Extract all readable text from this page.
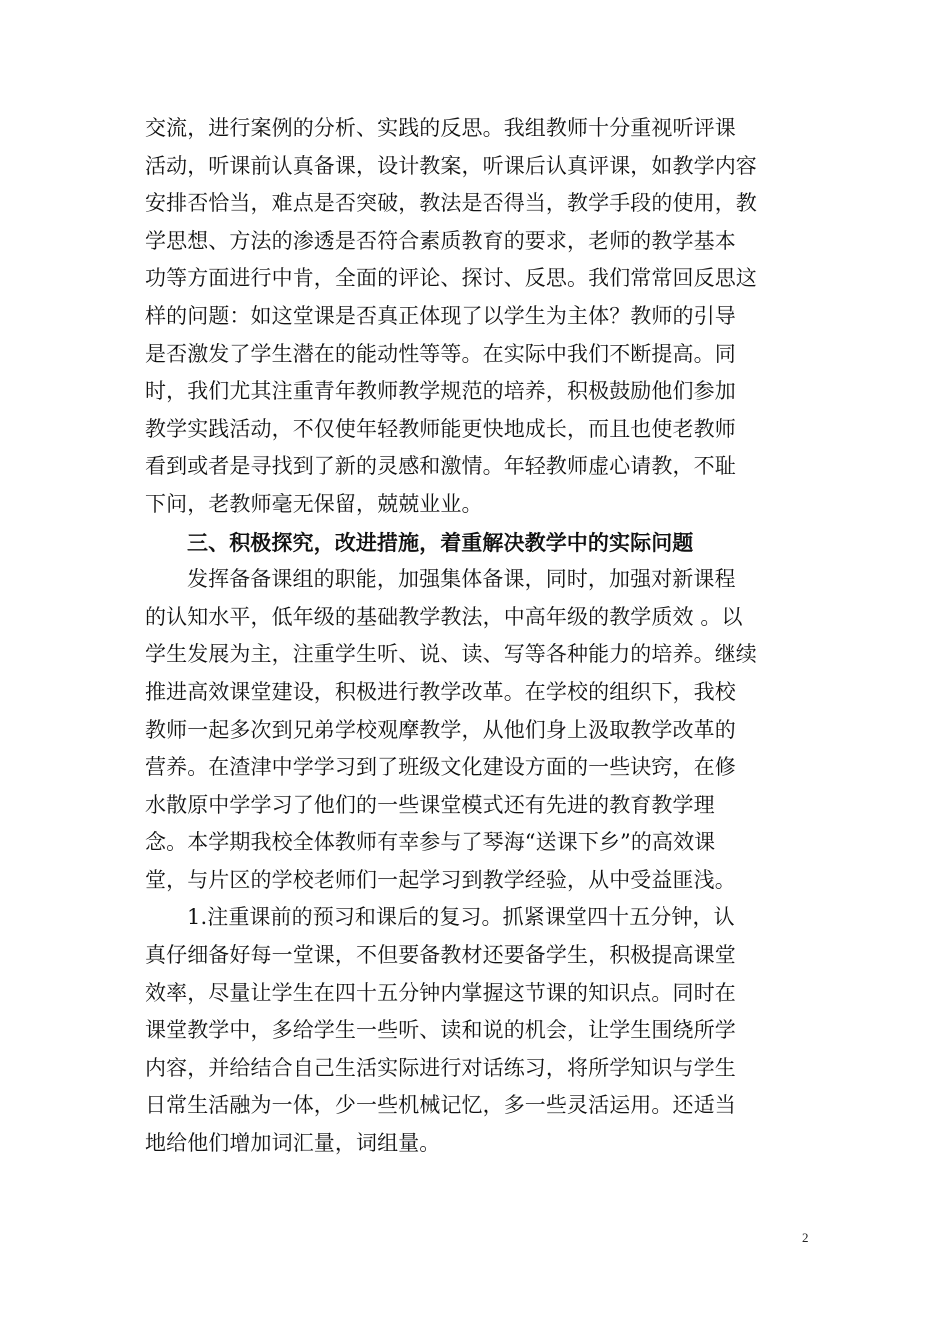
交流，进行案例的分析、实践的反思。我组教师十分重视听评课
活动，听课前认真备课，设计教案，听课后认真评课，如教学内容
安排否恰当，难点是否突破，教法是否得当，教学手段的使用，教
学思想、方法的渗透是否符合素质教育的要求，老师的教学基本
功等方面进行中肯，全面的评论、探讨、反思。我们常常回反思这
样的问题：如这堂课是否真正体现了以学生为主体？教师的引导
是否激发了学生潜在的能动性等等。在实际中我们不断提高。同
时，我们尤其注重青年教师教学规范的培养，积极鼓励他们参加
教学实践活动，不仅使年轻教师能更快地成长，而且也使老教师
看到或者是寻找到了新的灵感和激情。年轻教师虚心请教，不耻
下问，老教师毫无保留，兢兢业业。
三、积极探究，改进措施，着重解决教学中的实际问题
发挥备备课组的职能，加强集体备课，同时，加强对新课程
的认知水平，低年级的基础教学教法，中高年级的教学质效 。以
学生发展为主，注重学生听、说、读、写等各种能力的培养。继续
推进高效课堂建设，积极进行教学改革。在学校的组织下，我校
教师一起多次到兄弟学校观摩教学，从他们身上汲取教学改革的
营养。在渣津中学学习到了班级文化建设方面的一些诀窍，在修
水散原中学学习了他们的一些课堂模式还有先进的教育教学理
念。本学期我校全体教师有幸参与了琴海“送课下乡”的高效课
堂，与片区的学校老师们一起学习到教学经验，从中受益匪浅。
1.注重课前的预习和课后的复习。抓紧课堂四十五分钟，认
真仔细备好每一堂课，不但要备教材还要备学生，积极提高课堂
效率，尽量让学生在四十五分钟内掌握这节课的知识点。同时在
课堂教学中，多给学生一些听、读和说的机会，让学生围绕所学
内容，并给结合自己生活实际进行对话练习，将所学知识与学生
日常生活融为一体，少一些机械记忆，多一些灵活运用。还适当
地给他们增加词汇量，词组量。
2
